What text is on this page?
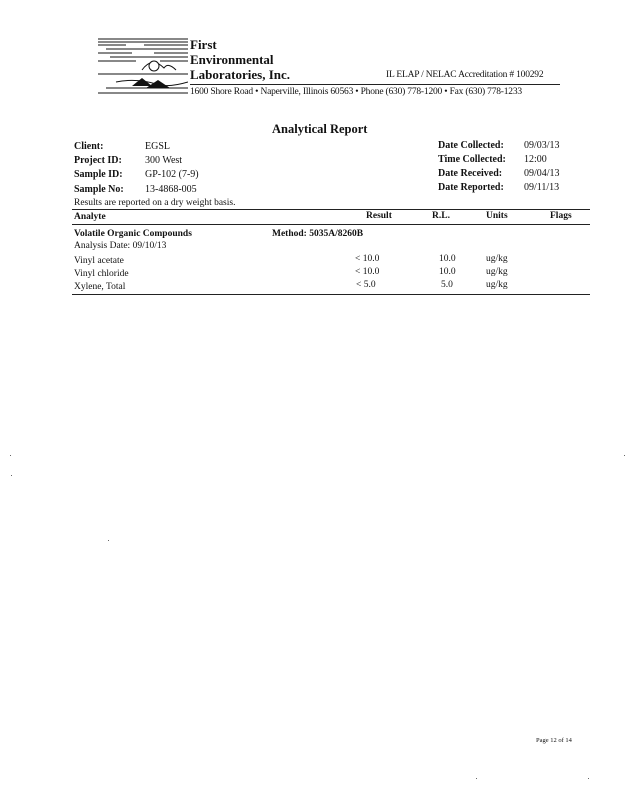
First
Environmental
Laboratories, Inc.	IL ELAP / NELAC Accreditation # 100292
1600 Shore Road • Naperville, Illinois 60563 • Phone (630) 778-1200 • Fax (630) 778-1233
Analytical Report
Client:	EGSL
Project ID: 300 West
Sample ID: GP-102 (7-9)
Sample No: 13-4868-005
Date Collected: 09/03/13
Time Collected: 12:00
Date Received: 09/04/13
Date Reported: 09/11/13
Results are reported on a dry weight basis.
Analyte	Result	R.L.	Units	Flags
Volatile Organic Compounds	Method: 5035A/8260B
Analysis Date: 09/10/13
Vinyl acetate	< 10.0	10.0	ug/kg
Vinyl chloride	< 10.0	10.0	ug/kg
Xylene, Total	< 5.0	5.0	ug/kg
Page 12 of 14
